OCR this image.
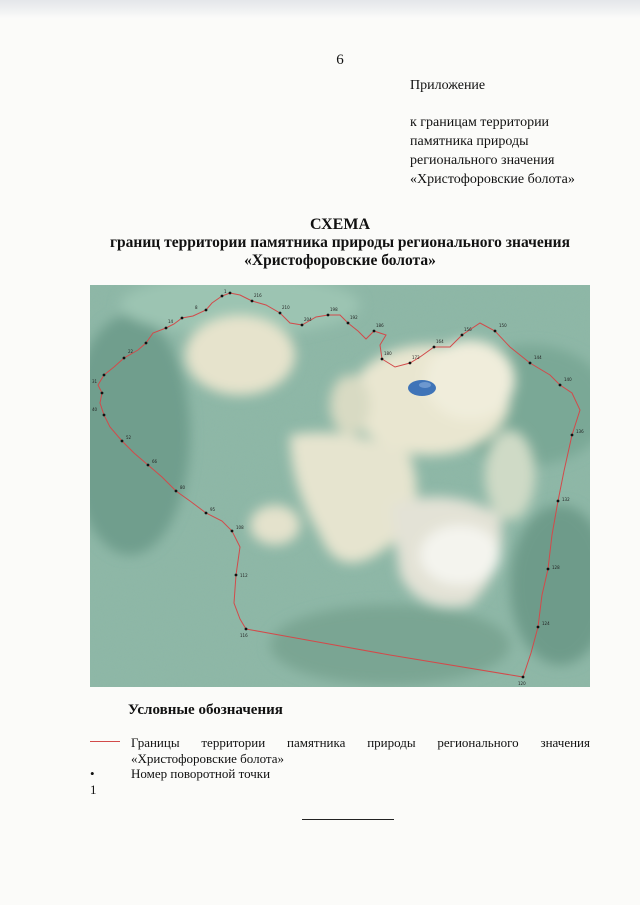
6
Приложение
к границам территории
памятника природы
регионального значения
«Христофоровские болота»
СХЕМА
границ территории памятника природы регионального значения
«Христофоровские болота»
1
8
14
22
31
40
52
66
80
95
108
112
116
120
124
128
132
136
140
144
150
156
164
172
180
186
192
198
204
210
216
Условные обозначения
Границы территории памятника природы регионального значения
«Христофоровские болота»
• 1
Номер поворотной точки
